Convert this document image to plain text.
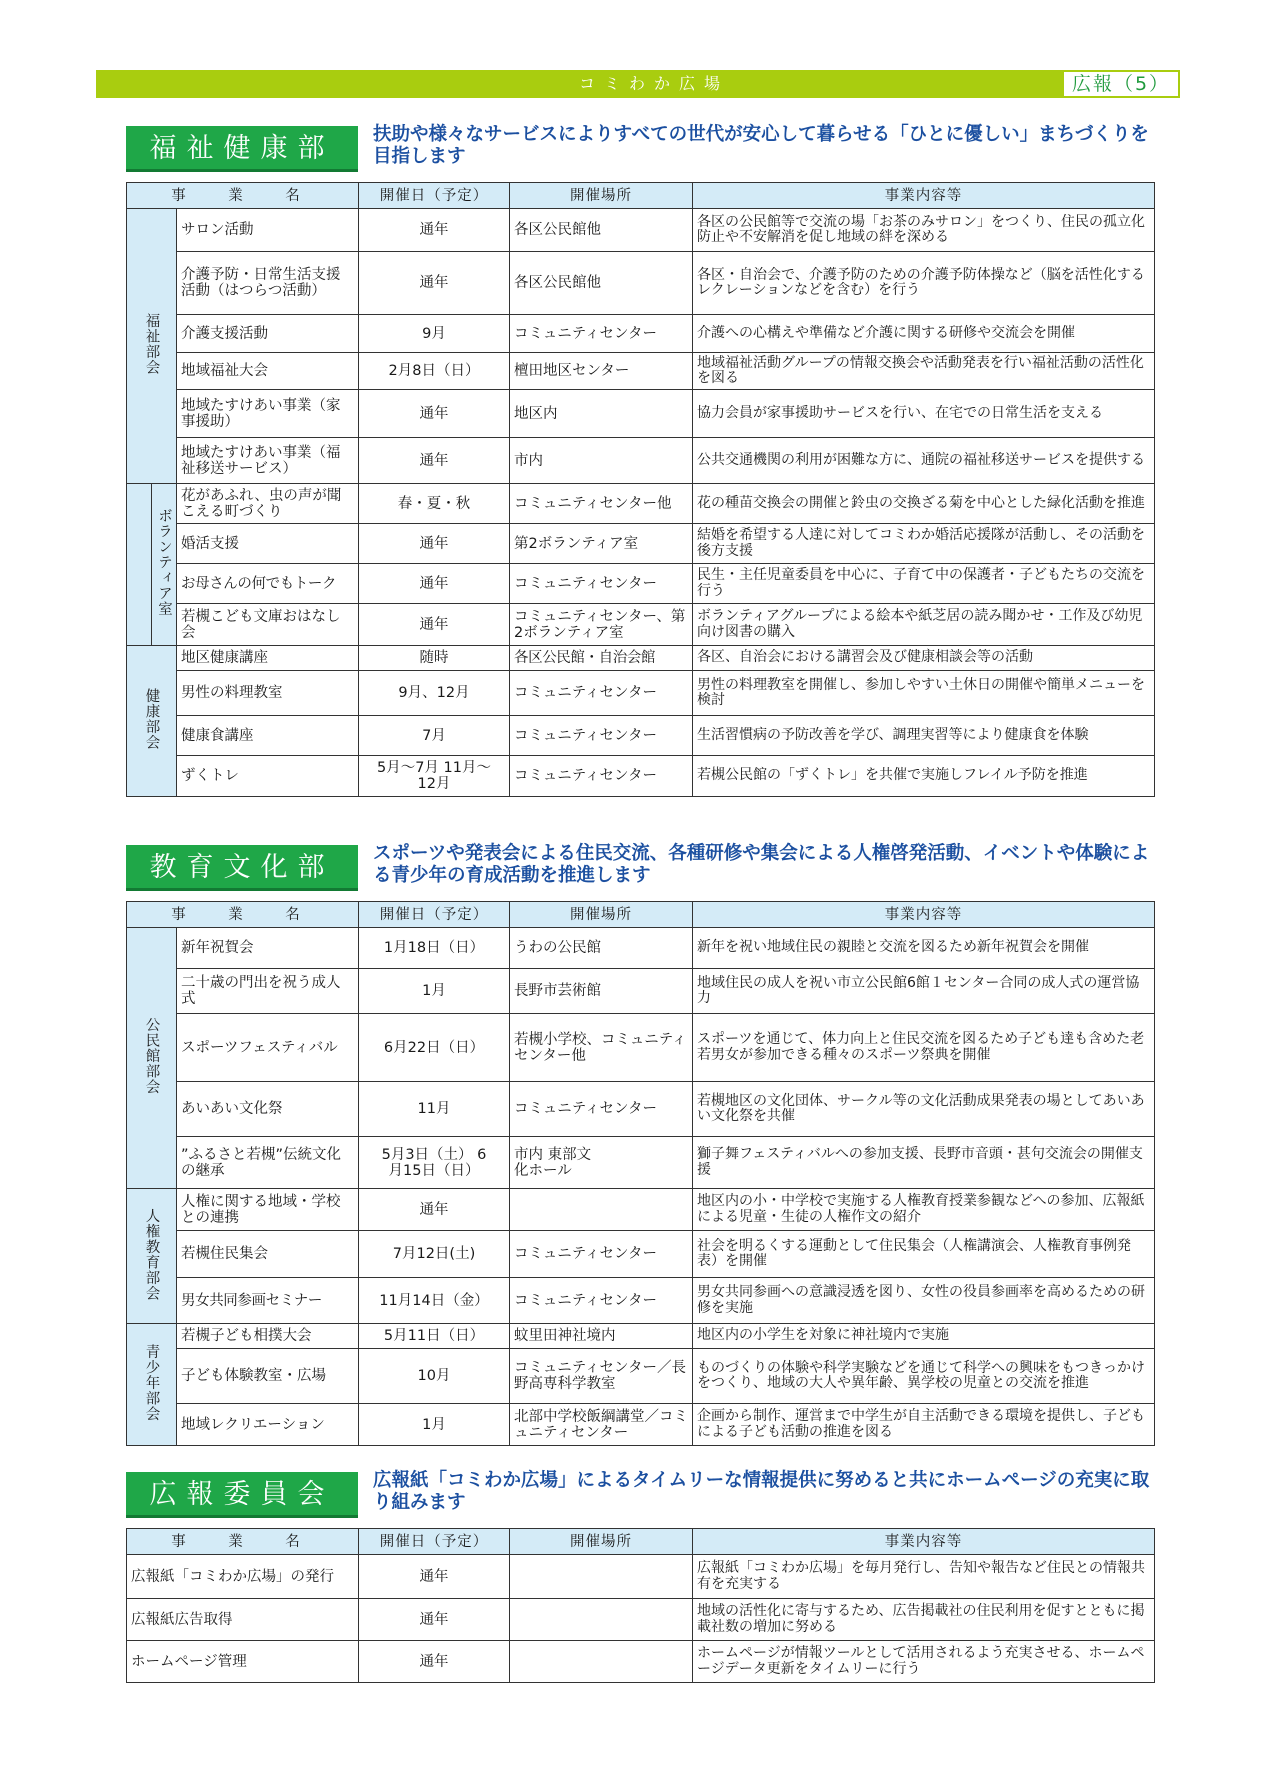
コミわか広場	広報（5）
福祉健康部	扶助や様々なサービスによりすべての世代が安心して暮らせる「ひとに優しい」まちづくりを目指します
事　業　名			開催日（予定）	開催場所	事業内容等
福祉部会		サロン活動	通年	各区公民館他	各区の公民館等で交流の場「お茶のみサロン」をつくり、住民の孤立化防止や不安解消を促し地域の絆を深める
		介護予防・日常生活支援活動（はつらつ活動）	通年	各区公民館他	各区・自治会で、介護予防のための介護予防体操など（脳を活性化するレクレーションなどを含む）を行う
		介護支援活動	9月	コミュニティセンター	介護への心構えや準備など介護に関する研修や交流会を開催
		地域福祉大会	2月8日（日）	檀田地区センター	地域福祉活動グループの情報交換会や活動発表を行い福祉活動の活性化を図る
		地域たすけあい事業（家事援助）	通年	地区内	協力会員が家事援助サービスを行い、在宅での日常生活を支える
		地域たすけあい事業（福祉移送サービス）	通年	市内	公共交通機関の利用が困難な方に、通院の福祉移送サービスを提供する
	ボランティア室	花があふれ、虫の声が聞こえる町づくり	春・夏・秋	コミュニティセンター他	花の種苗交換会の開催と鈴虫の交換ざる菊を中心とした緑化活動を推進
		婚活支援	通年	第2ボランティア室	結婚を希望する人達に対してコミわか婚活応援隊が活動し、その活動を後方支援
		お母さんの何でもトーク	通年	コミュニティセンター	民生・主任児童委員を中心に、子育て中の保護者・子どもたちの交流を行う
		若槻こども文庫おはなし会	通年	コミュニティセンター、第2ボランティア室	ボランティアグループによる絵本や紙芝居の読み聞かせ・工作及び幼児向け図書の購入
健康部会		地区健康講座	随時	各区公民館・自治会館	各区、自治会における講習会及び健康相談会等の活動
		男性の料理教室	9月、12月	コミュニティセンター	男性の料理教室を開催し、参加しやすい土休日の開催や簡単メニューを検討
		健康食講座	7月	コミュニティセンター	生活習慣病の予防改善を学び、調理実習等により健康食を体験
		ずくトレ	5月～7月 11月～12月	コミュニティセンター	若槻公民館の「ずくトレ」を共催で実施しフレイル予防を推進
教育文化部	スポーツや発表会による住民交流、各種研修や集会による人権啓発活動、イベントや体験による青少年の育成活動を推進します
事　業　名		開催日（予定）	開催場所	事業内容等
公民館部会	新年祝賀会	1月18日（日）	うわの公民館	新年を祝い地域住民の親睦と交流を図るため新年祝賀会を開催
	二十歳の門出を祝う成人式	1月	長野市芸術館	地域住民の成人を祝い市立公民館6館１センター合同の成人式の運営協力
	スポーツフェスティバル	6月22日（日）	若槻小学校、コミュニティセンター他	スポーツを通じて、体力向上と住民交流を図るため子ども達も含めた老若男女が参加できる種々のスポーツ祭典を開催
	あいあい文化祭	11月	コミュニティセンター	若槻地区の文化団体、サークル等の文化活動成果発表の場としてあいあい文化祭を共催
	”ふるさと若槻”伝統文化の継承	5月3日（土） 6月15日（日）	市内 東部文化ホール	獅子舞フェスティバルへの参加支援、長野市音頭・甚句交流会の開催支援
人権教育部会	人権に関する地域・学校との連携	通年		地区内の小・中学校で実施する人権教育授業参観などへの参加、広報紙による児童・生徒の人権作文の紹介
	若槻住民集会	7月12日(土)	コミュニティセンター	社会を明るくする運動として住民集会（人権講演会、人権教育事例発表）を開催
	男女共同参画セミナー	11月14日（金）	コミュニティセンター	男女共同参画への意識浸透を図り、女性の役員参画率を高めるための研修を実施
青少年部会	若槻子ども相撲大会	5月11日（日）	蚊里田神社境内	地区内の小学生を対象に神社境内で実施
	子ども体験教室・広場	10月	コミュニティセンター／長野高専科学教室	ものづくりの体験や科学実験などを通じて科学への興味をもつきっかけをつくり、地域の大人や異年齢、異学校の児童との交流を推進
	地域レクリエーション	1月	北部中学校飯綱講堂／コミュニティセンター	企画から制作、運営まで中学生が自主活動できる環境を提供し、子どもによる子ども活動の推進を図る
広報委員会	広報紙「コミわか広場」によるタイムリーな情報提供に努めると共にホームページの充実に取り組みます
事　業　名	開催日（予定）	開催場所	事業内容等
広報紙「コミわか広場」の発行	通年		広報紙「コミわか広場」を毎月発行し、告知や報告など住民との情報共有を充実する
広報紙広告取得	通年		地域の活性化に寄与するため、広告掲載社の住民利用を促すとともに掲載社数の増加に努める
ホームページ管理	通年		ホームページが情報ツールとして活用されるよう充実させる、ホームページデータ更新をタイムリーに行う
